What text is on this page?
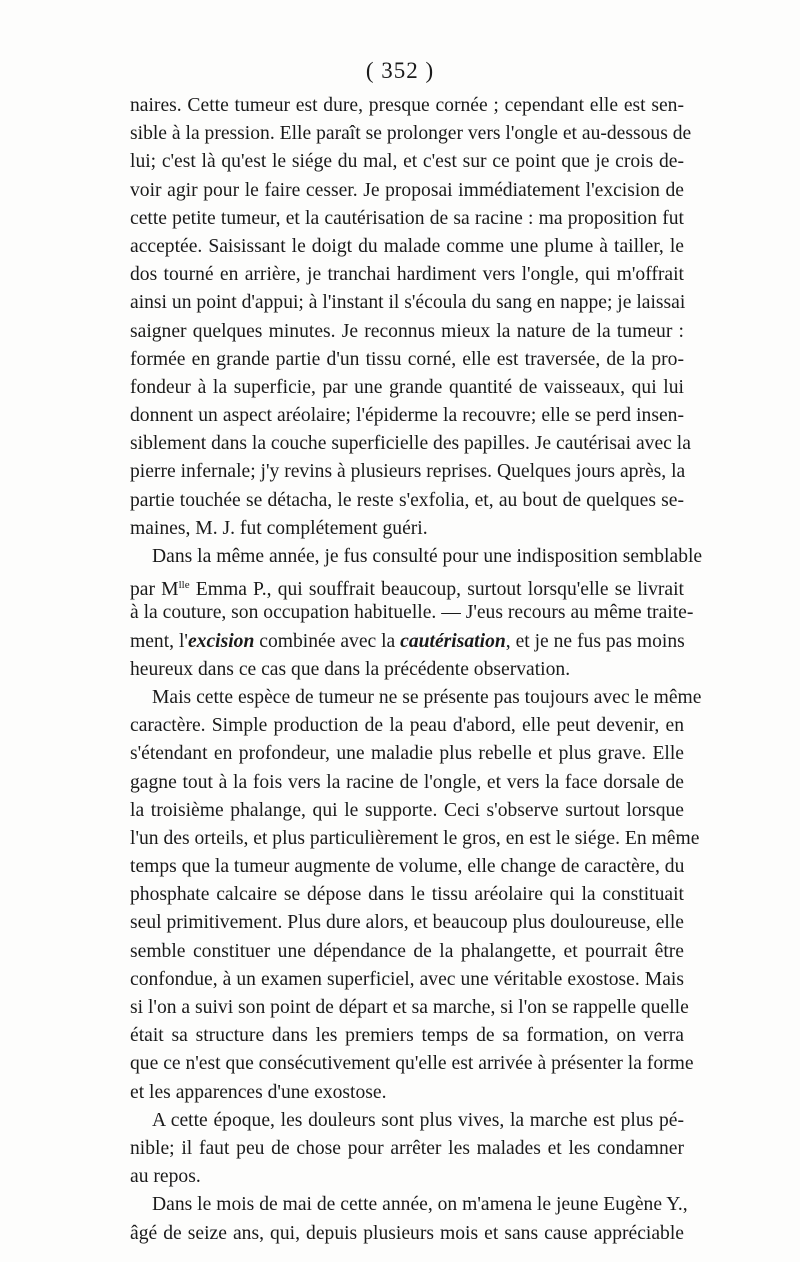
( 352 )
naires. Cette tumeur est dure, presque cornée ; cependant elle est sen-
sible à la pression. Elle paraît se prolonger vers l'ongle et au-dessous de
lui; c'est là qu'est le siége du mal, et c'est sur ce point que je crois de-
voir agir pour le faire cesser. Je proposai immédiatement l'excision de
cette petite tumeur, et la cautérisation de sa racine : ma proposition fut
acceptée. Saisissant le doigt du malade comme une plume à tailler, le
dos tourné en arrière, je tranchai hardiment vers l'ongle, qui m'offrait
ainsi un point d'appui; à l'instant il s'écoula du sang en nappe; je laissai
saigner quelques minutes. Je reconnus mieux la nature de la tumeur :
formée en grande partie d'un tissu corné, elle est traversée, de la pro-
fondeur à la superficie, par une grande quantité de vaisseaux, qui lui
donnent un aspect aréolaire; l'épiderme la recouvre; elle se perd insen-
siblement dans la couche superficielle des papilles. Je cautérisai avec la
pierre infernale; j'y revins à plusieurs reprises. Quelques jours après, la
partie touchée se détacha, le reste s'exfolia, et, au bout de quelques se-
maines, M. J. fut complétement guéri.
Dans la même année, je fus consulté pour une indisposition semblable
par $M^{lle}$ Emma P., qui souffrait beaucoup, surtout lorsqu'elle se livrait
à la couture, son occupation habituelle. — J'eus recours au même traite-
ment, l'excision combinée avec la cautérisation, et je ne fus pas moins
heureux dans ce cas que dans la précédente observation.
Mais cette espèce de tumeur ne se présente pas toujours avec le même
caractère. Simple production de la peau d'abord, elle peut devenir, en
s'étendant en profondeur, une maladie plus rebelle et plus grave. Elle
gagne tout à la fois vers la racine de l'ongle, et vers la face dorsale de
la troisième phalange, qui le supporte. Ceci s'observe surtout lorsque
l'un des orteils, et plus particulièrement le gros, en est le siége. En même
temps que la tumeur augmente de volume, elle change de caractère, du
phosphate calcaire se dépose dans le tissu aréolaire qui la constituait
seul primitivement. Plus dure alors, et beaucoup plus douloureuse, elle
semble constituer une dépendance de la phalangette, et pourrait être
confondue, à un examen superficiel, avec une véritable exostose. Mais
si l'on a suivi son point de départ et sa marche, si l'on se rappelle quelle
était sa structure dans les premiers temps de sa formation, on verra
que ce n'est que consécutivement qu'elle est arrivée à présenter la forme
et les apparences d'une exostose.
A cette époque, les douleurs sont plus vives, la marche est plus pé-
nible; il faut peu de chose pour arrêter les malades et les condamner
au repos.
Dans le mois de mai de cette année, on m'amena le jeune Eugène Y.,
âgé de seize ans, qui, depuis plusieurs mois et sans cause appréciable
